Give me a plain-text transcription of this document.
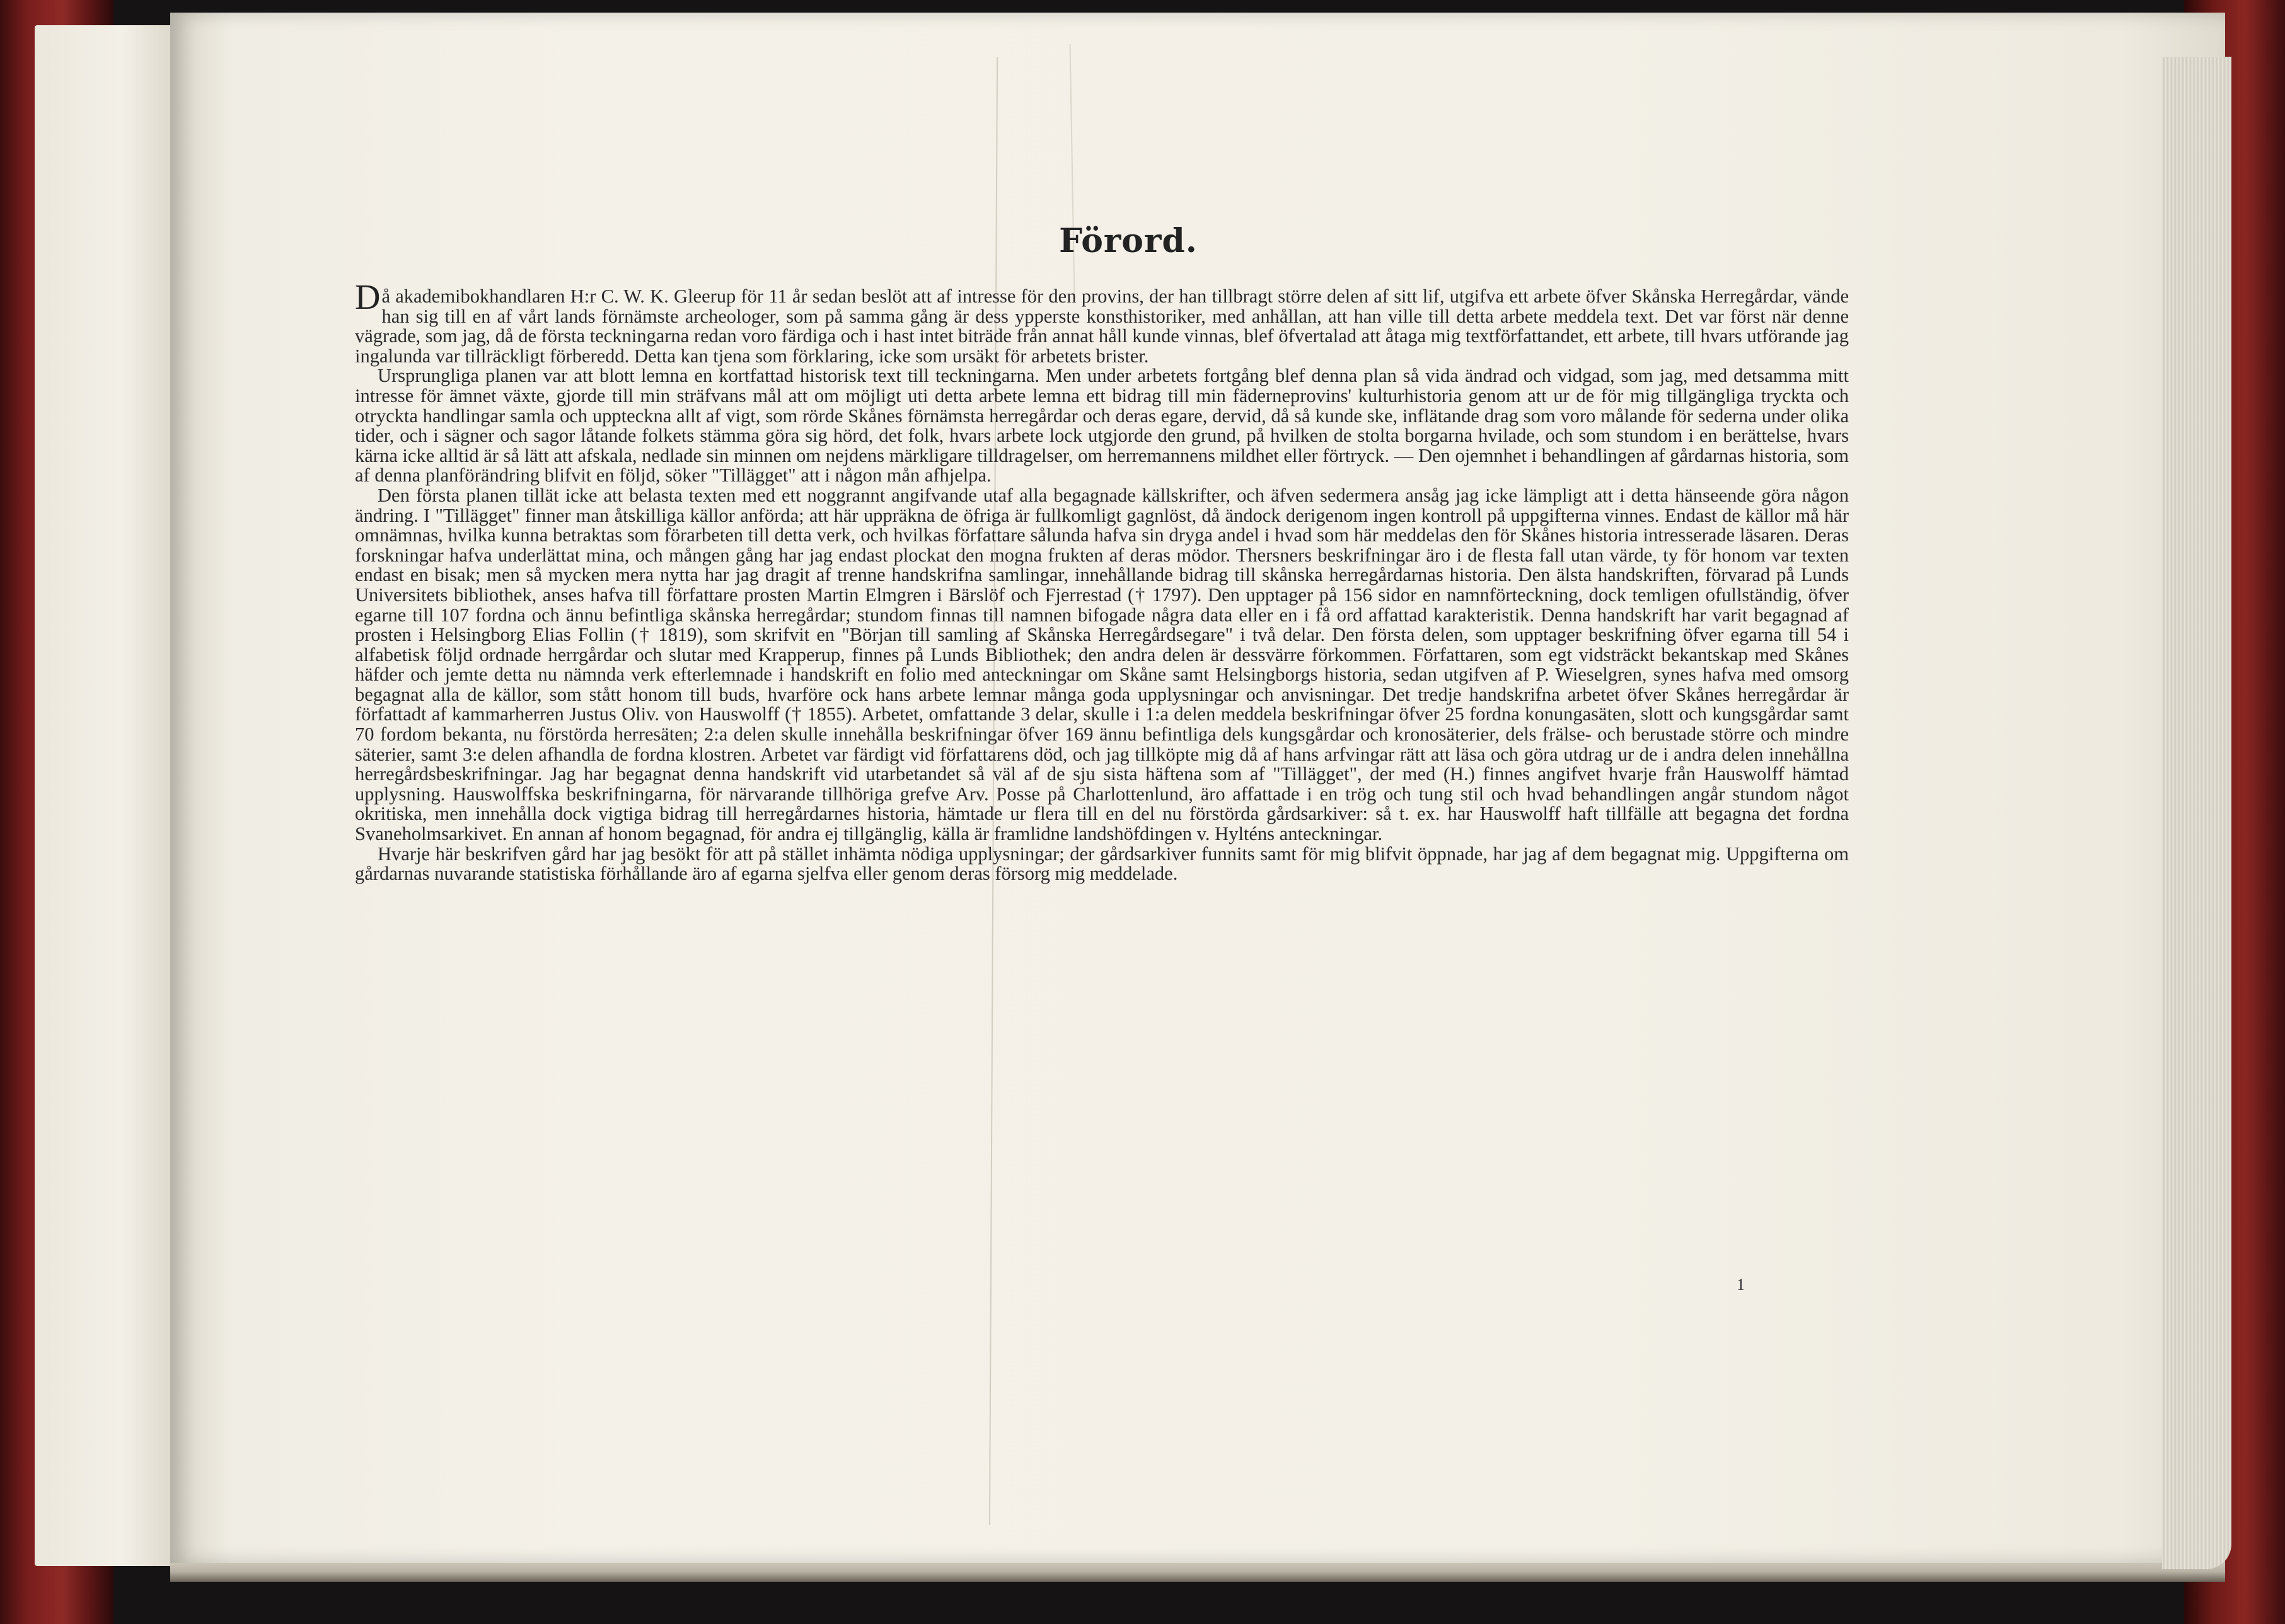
Förord.

Då akademibokhandlaren H:r C. W. K. Gleerup för 11 år sedan beslöt att af intresse för den provins, der han tillbragt större delen af sitt lif, utgifva ett arbete öfver Skånska Herregårdar, vände han sig till en af vårt lands förnämste archeologer, som på samma gång är dess ypperste konsthistoriker, med anhållan, att han ville till detta arbete meddela text. Det var först när denne vägrade, som jag, då de första teckningarna redan voro färdiga och i hast intet biträde från annat håll kunde vinnas, blef öfvertalad att åtaga mig textförfattandet, ett arbete, till hvars utförande jag ingalunda var tillräckligt förberedd. Detta kan tjena som förklaring, icke som ursäkt för arbetets brister.

Ursprungliga planen var att blott lemna en kortfattad historisk text till teckningarna. Men under arbetets fortgång blef denna plan så vida ändrad och vidgad, som jag, med detsamma mitt intresse för ämnet växte, gjorde till min sträfvans mål att om möjligt uti detta arbete lemna ett bidrag till min fäderneprovins' kulturhistoria genom att ur de för mig tillgängliga tryckta och otryckta handlingar samla och uppteckna allt af vigt, som rörde Skånes förnämsta herregårdar och deras egare, dervid, då så kunde ske, inflätande drag som voro målande för sederna under olika tider, och i sägner och sagor låtande folkets stämma göra sig hörd, det folk, hvars arbete lock utgjorde den grund, på hvilken de stolta borgarna hvilade, och som stundom i en berättelse, hvars kärna icke alltid är så lätt att afskala, nedlade sin minnen om nejdens märkligare tilldragelser, om herremannens mildhet eller förtryck. — Den ojemnhet i behandlingen af gårdarnas historia, som af denna planförändring blifvit en följd, söker "Tillägget" att i någon mån afhjelpa.

Den första planen tillät icke att belasta texten med ett noggrannt angifvande utaf alla begagnade källskrifter, och äfven sedermera ansåg jag icke lämpligt att i detta hänseende göra någon ändring. I "Tillägget" finner man åtskilliga källor anförda; att här uppräkna de öfriga är fullkomligt gagnlöst, då ändock derigenom ingen kontroll på uppgifterna vinnes. Endast de källor må här omnämnas, hvilka kunna betraktas som förarbeten till detta verk, och hvilkas författare sålunda hafva sin dryga andel i hvad som här meddelas den för Skånes historia intresserade läsaren. Deras forskningar hafva underlättat mina, och mången gång har jag endast plockat den mogna frukten af deras mödor. Thersners beskrifningar äro i de flesta fall utan värde, ty för honom var texten endast en bisak; men så mycken mera nytta har jag dragit af trenne handskrifna samlingar, innehållande bidrag till skånska herregårdarnas historia. Den älsta handskriften, förvarad på Lunds Universitets bibliothek, anses hafva till författare prosten Martin Elmgren i Bärslöf och Fjerrestad († 1797). Den upptager på 156 sidor en namnförteckning, dock temligen ofullständig, öfver egarne till 107 fordna och ännu befintliga skånska herregårdar; stundom finnas till namnen bifogade några data eller en i få ord affattad karakteristik. Denna handskrift har varit begagnad af prosten i Helsingborg Elias Follin († 1819), som skrifvit en "Början till samling af Skånska Herregårdsegare" i två delar. Den första delen, som upptager beskrifning öfver egarna till 54 i alfabetisk följd ordnade herrgårdar och slutar med Krapperup, finnes på Lunds Bibliothek; den andra delen är dessvärre förkommen. Författaren, som egt vidsträckt bekantskap med Skånes häfder och jemte detta nu nämnda verk efterlemnade i handskrift en folio med anteckningar om Skåne samt Helsingborgs historia, sedan utgifven af P. Wieselgren, synes hafva med omsorg begagnat alla de källor, som stått honom till buds, hvarföre ock hans arbete lemnar många goda upplysningar och anvisningar. Det tredje handskrifna arbetet öfver Skånes herregårdar är författadt af kammarherren Justus Oliv. von Hauswolff († 1855). Arbetet, omfattande 3 delar, skulle i 1:a delen meddela beskrifningar öfver 25 fordna konungasäten, slott och kungsgårdar samt 70 fordom bekanta, nu förstörda herresäten; 2:a delen skulle innehålla beskrifningar öfver 169 ännu befintliga dels kungsgårdar och kronosäterier, dels frälse- och berustade större och mindre säterier, samt 3:e delen afhandla de fordna klostren. Arbetet var färdigt vid författarens död, och jag tillköpte mig då af hans arfvingar rätt att läsa och göra utdrag ur de i andra delen innehållna herregårdsbeskrifningar. Jag har begagnat denna handskrift vid utarbetandet så väl af de sju sista häftena som af "Tillägget", der med (H.) finnes angifvet hvarje från Hauswolff hämtad upplysning. Hauswolffska beskrifningarna, för närvarande tillhöriga grefve Arv. Posse på Charlottenlund, äro affattade i en trög och tung stil och hvad behandlingen angår stundom något okritiska, men innehålla dock vigtiga bidrag till herregårdarnes historia, hämtade ur flera till en del nu förstörda gårdsarkiver: så t. ex. har Hauswolff haft tillfälle att begagna det fordna Svaneholmsarkivet. En annan af honom begagnad, för andra ej tillgänglig, källa är framlidne landshöfdingen v. Hylténs anteckningar.

Hvarje här beskrifven gård har jag besökt för att på stället inhämta nödiga upplysningar; der gårdsarkiver funnits samt för mig blifvit öppnade, har jag af dem begagnat mig. Uppgifterna om gårdarnas nuvarande statistiska förhållande äro af egarna sjelfva eller genom deras försorg mig meddelade.

1
